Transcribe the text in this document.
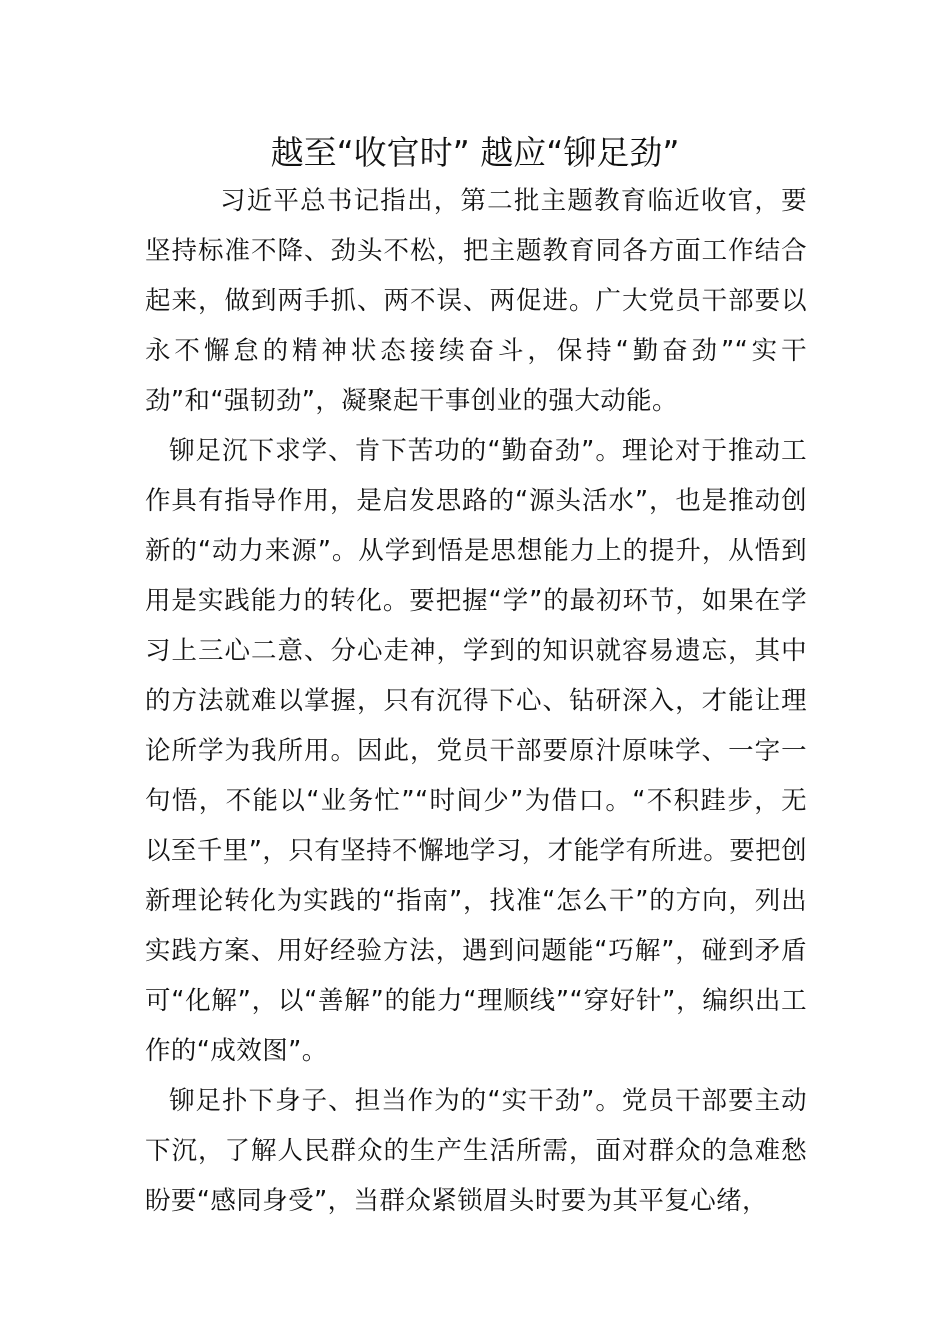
越至“收官时” 越应“铆足劲”

习近平总书记指出，第二批主题教育临近收官，要坚持标准不降、劲头不松，把主题教育同各方面工作结合起来，做到两手抓、两不误、两促进。广大党员干部要以永不懈怠的精神状态接续奋斗，保持“勤奋劲”“实干劲”和“强韧劲”，凝聚起干事创业的强大动能。

铆足沉下求学、肯下苦功的“勤奋劲”。理论对于推动工作具有指导作用，是启发思路的“源头活水”，也是推动创新的“动力来源”。从学到悟是思想能力上的提升，从悟到用是实践能力的转化。要把握“学”的最初环节，如果在学习上三心二意、分心走神，学到的知识就容易遗忘，其中的方法就难以掌握，只有沉得下心、钻研深入，才能让理论所学为我所用。因此，党员干部要原汁原味学、一字一句悟，不能以“业务忙”“时间少”为借口。“不积跬步，无以至千里”，只有坚持不懈地学习，才能学有所进。要把创新理论转化为实践的“指南”，找准“怎么干”的方向，列出实践方案、用好经验方法，遇到问题能“巧解”，碰到矛盾可“化解”，以“善解”的能力“理顺线”“穿好针”，编织出工作的“成效图”。

铆足扑下身子、担当作为的“实干劲”。党员干部要主动下沉，了解人民群众的生产生活所需，面对群众的急难愁盼要“感同身受”，当群众紧锁眉头时要为其平复心绪，
